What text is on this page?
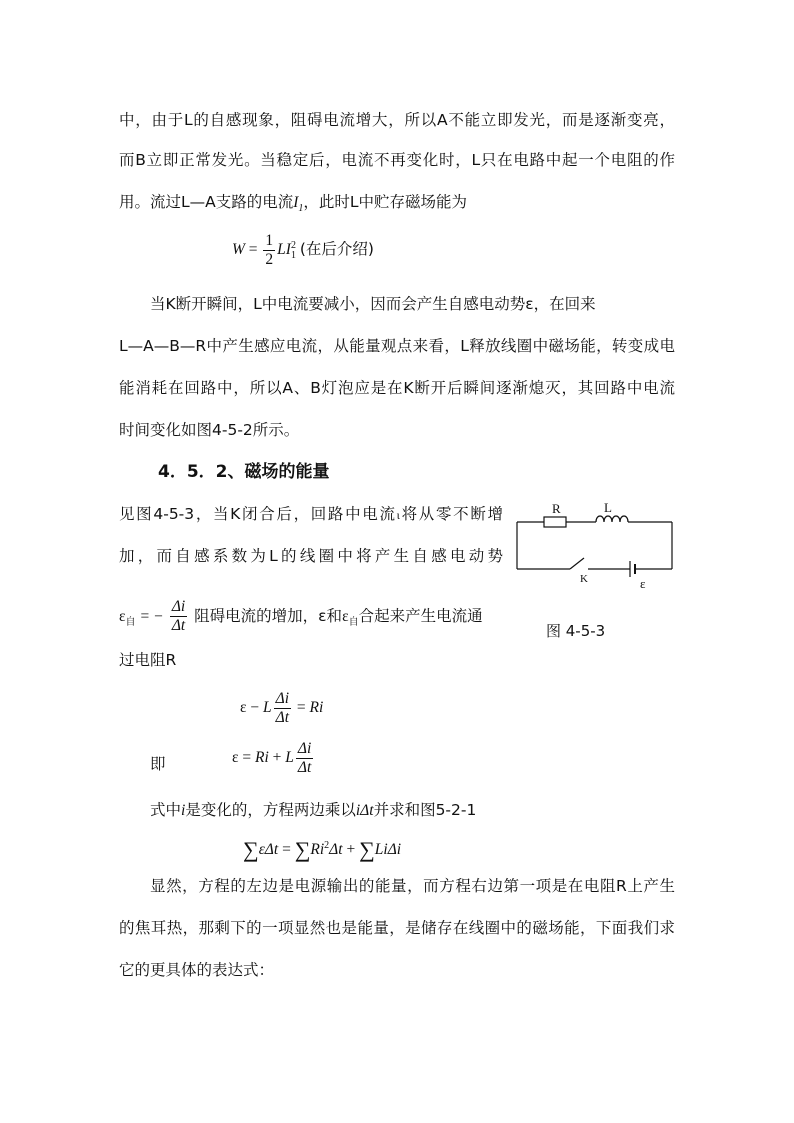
中，由于L的自感现象，阻碍电流增大，所以A不能立即发光，而是逐渐变亮，
而B立即正常发光。当稳定后，电流不再变化时，L只在电路中起一个电阻的作
用。流过L—A支路的电流$I_1$，此时L中贮存磁场能为
$W = \frac{1}{2}$ LI 2
1 (在后介绍)
当K断开瞬间，L中电流要减小，因而会产生自感电动势ε，在回来
L—A—B—R中产生感应电流，从能量观点来看，L释放线圈中磁场能，转变成电
能消耗在回路中，所以A、B灯泡应是在K断开后瞬间逐渐熄灭，其回路中电流
时间变化如图4-5-2所示。
4．5．2、磁场的能量
见图4-5-3，当K闭合后，回路中电流ι将从零不断增
加，而自感系数为L的线圈中将产生自感电动势
$\varepsilon_自$ = − $\frac{\Delta i}{\Delta t}$ 阻碍电流的增加，ε和$\varepsilon_自$合起来产生电流通
过电阻R
R	L
K	ε
图 4-5-3
ε − L $\frac{\Delta i}{\Delta t} = Ri$
即	ε = Ri + L $\frac{\Delta i}{\Delta t}$
式中i是变化的，方程两边乘以iΔt并求和图5-2-1
$\sum\varepsilon\Delta t = \sum Ri^2\Delta t + \sum Li\Delta i$
显然，方程的左边是电源输出的能量，而方程右边第一项是在电阻R上产生
的焦耳热，那剩下的一项显然也是能量，是储存在线圈中的磁场能，下面我们求
它的更具体的表达式：
